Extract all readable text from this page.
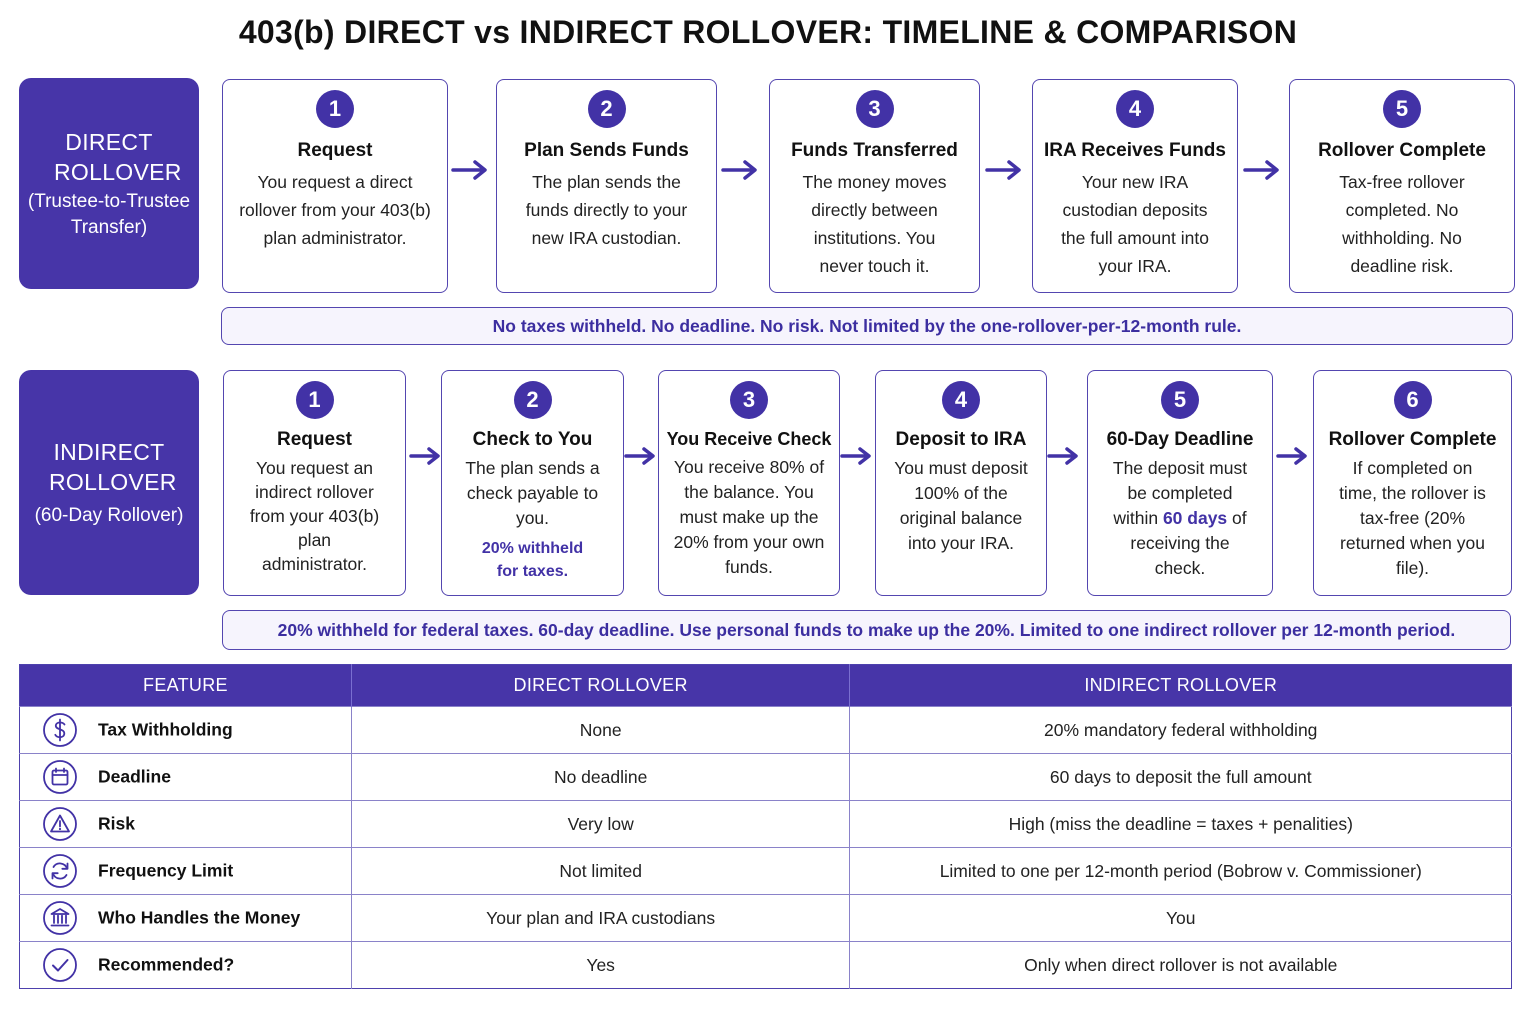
403(b) DIRECT vs INDIRECT ROLLOVER: TIMELINE & COMPARISON
DIRECT ROLLOVER
(Trustee-to-Trustee Transfer)
1
Request
You request a direct rollover from your 403(b) plan administrator.
2
Plan Sends Funds
The plan sends the funds directly to your new IRA custodian.
3
Funds Transferred
The money moves directly between institutions. You never touch it.
4
IRA Receives Funds
Your new IRA custodian deposits the full amount into your IRA.
5
Rollover Complete
Tax-free rollover completed. No withholding. No deadline risk.
No taxes withheld. No deadline. No risk. Not limited by the one-rollover-per-12-month rule.
INDIRECT ROLLOVER
(60-Day Rollover)
1
Request
You request an indirect rollover from your 403(b) plan administrator.
2
Check to You
The plan sends a check payable to you.
20% withheld for taxes.
3
You Receive Check
You receive 80% of the balance. You must make up the 20% from your own funds.
4
Deposit to IRA
You must deposit 100% of the original balance into your IRA.
5
60-Day Deadline
The deposit must be completed within 60 days of receiving the check.
6
Rollover Complete
If completed on time, the rollover is tax-free (20% returned when you file).
20% withheld for federal taxes. 60-day deadline. Use personal funds to make up the 20%. Limited to one indirect rollover per 12-month period.
FEATURE	DIRECT ROLLOVER	INDIRECT ROLLOVER

Tax Withholding	None	20% mandatory federal withholding

Deadline	No deadline	60 days to deposit the full amount

Risk	Very low	High (miss the deadline = taxes + penalities)

Frequency Limit	Not limited	Limited to one per 12-month period (Bobrow v. Commissioner)

Who Handles the Money	Your plan and IRA custodians	You

Recommended?	Yes	Only when direct rollover is not available
